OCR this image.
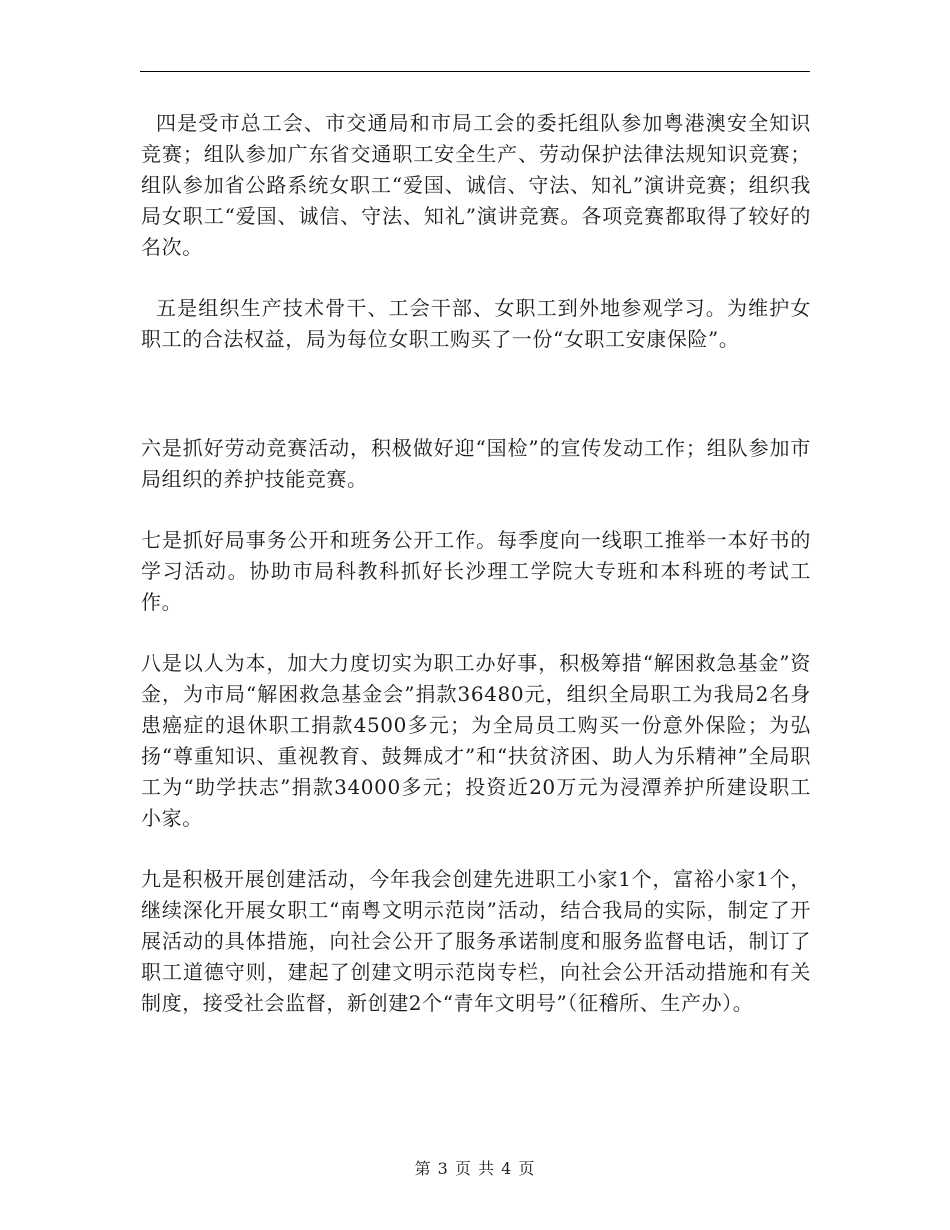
四是受市总工会、市交通局和市局工会的委托组队参加粤港澳安全知识竞赛；组队参加广东省交通职工安全生产、劳动保护法律法规知识竞赛；组队参加省公路系统女职工“爱国、诚信、守法、知礼”演讲竞赛；组织我局女职工“爱国、诚信、守法、知礼”演讲竞赛。各项竞赛都取得了较好的名次。

五是组织生产技术骨干、工会干部、女职工到外地参观学习。为维护女职工的合法权益，局为每位女职工购买了一份“女职工安康保险”。

六是抓好劳动竞赛活动，积极做好迎“国检”的宣传发动工作；组队参加市局组织的养护技能竞赛。

七是抓好局事务公开和班务公开工作。每季度向一线职工推举一本好书的学习活动。协助市局科教科抓好长沙理工学院大专班和本科班的考试工作。

八是以人为本，加大力度切实为职工办好事，积极筹措“解困救急基金”资金，为市局“解困救急基金会”捐款36480元，组织全局职工为我局2名身患癌症的退休职工捐款4500多元；为全局员工购买一份意外保险；为弘扬“尊重知识、重视教育、鼓舞成才”和“扶贫济困、助人为乐精神”全局职工为“助学扶志”捐款34000多元；投资近20万元为浸潭养护所建设职工小家。

九是积极开展创建活动，今年我会创建先进职工小家1个，富裕小家1个，继续深化开展女职工“南粤文明示范岗”活动，结合我局的实际，制定了开展活动的具体措施，向社会公开了服务承诺制度和服务监督电话，制订了职工道德守则，建起了创建文明示范岗专栏，向社会公开活动措施和有关制度，接受社会监督，新创建2个“青年文明号”（征稽所、生产办）。

第 3 页 共 4 页
